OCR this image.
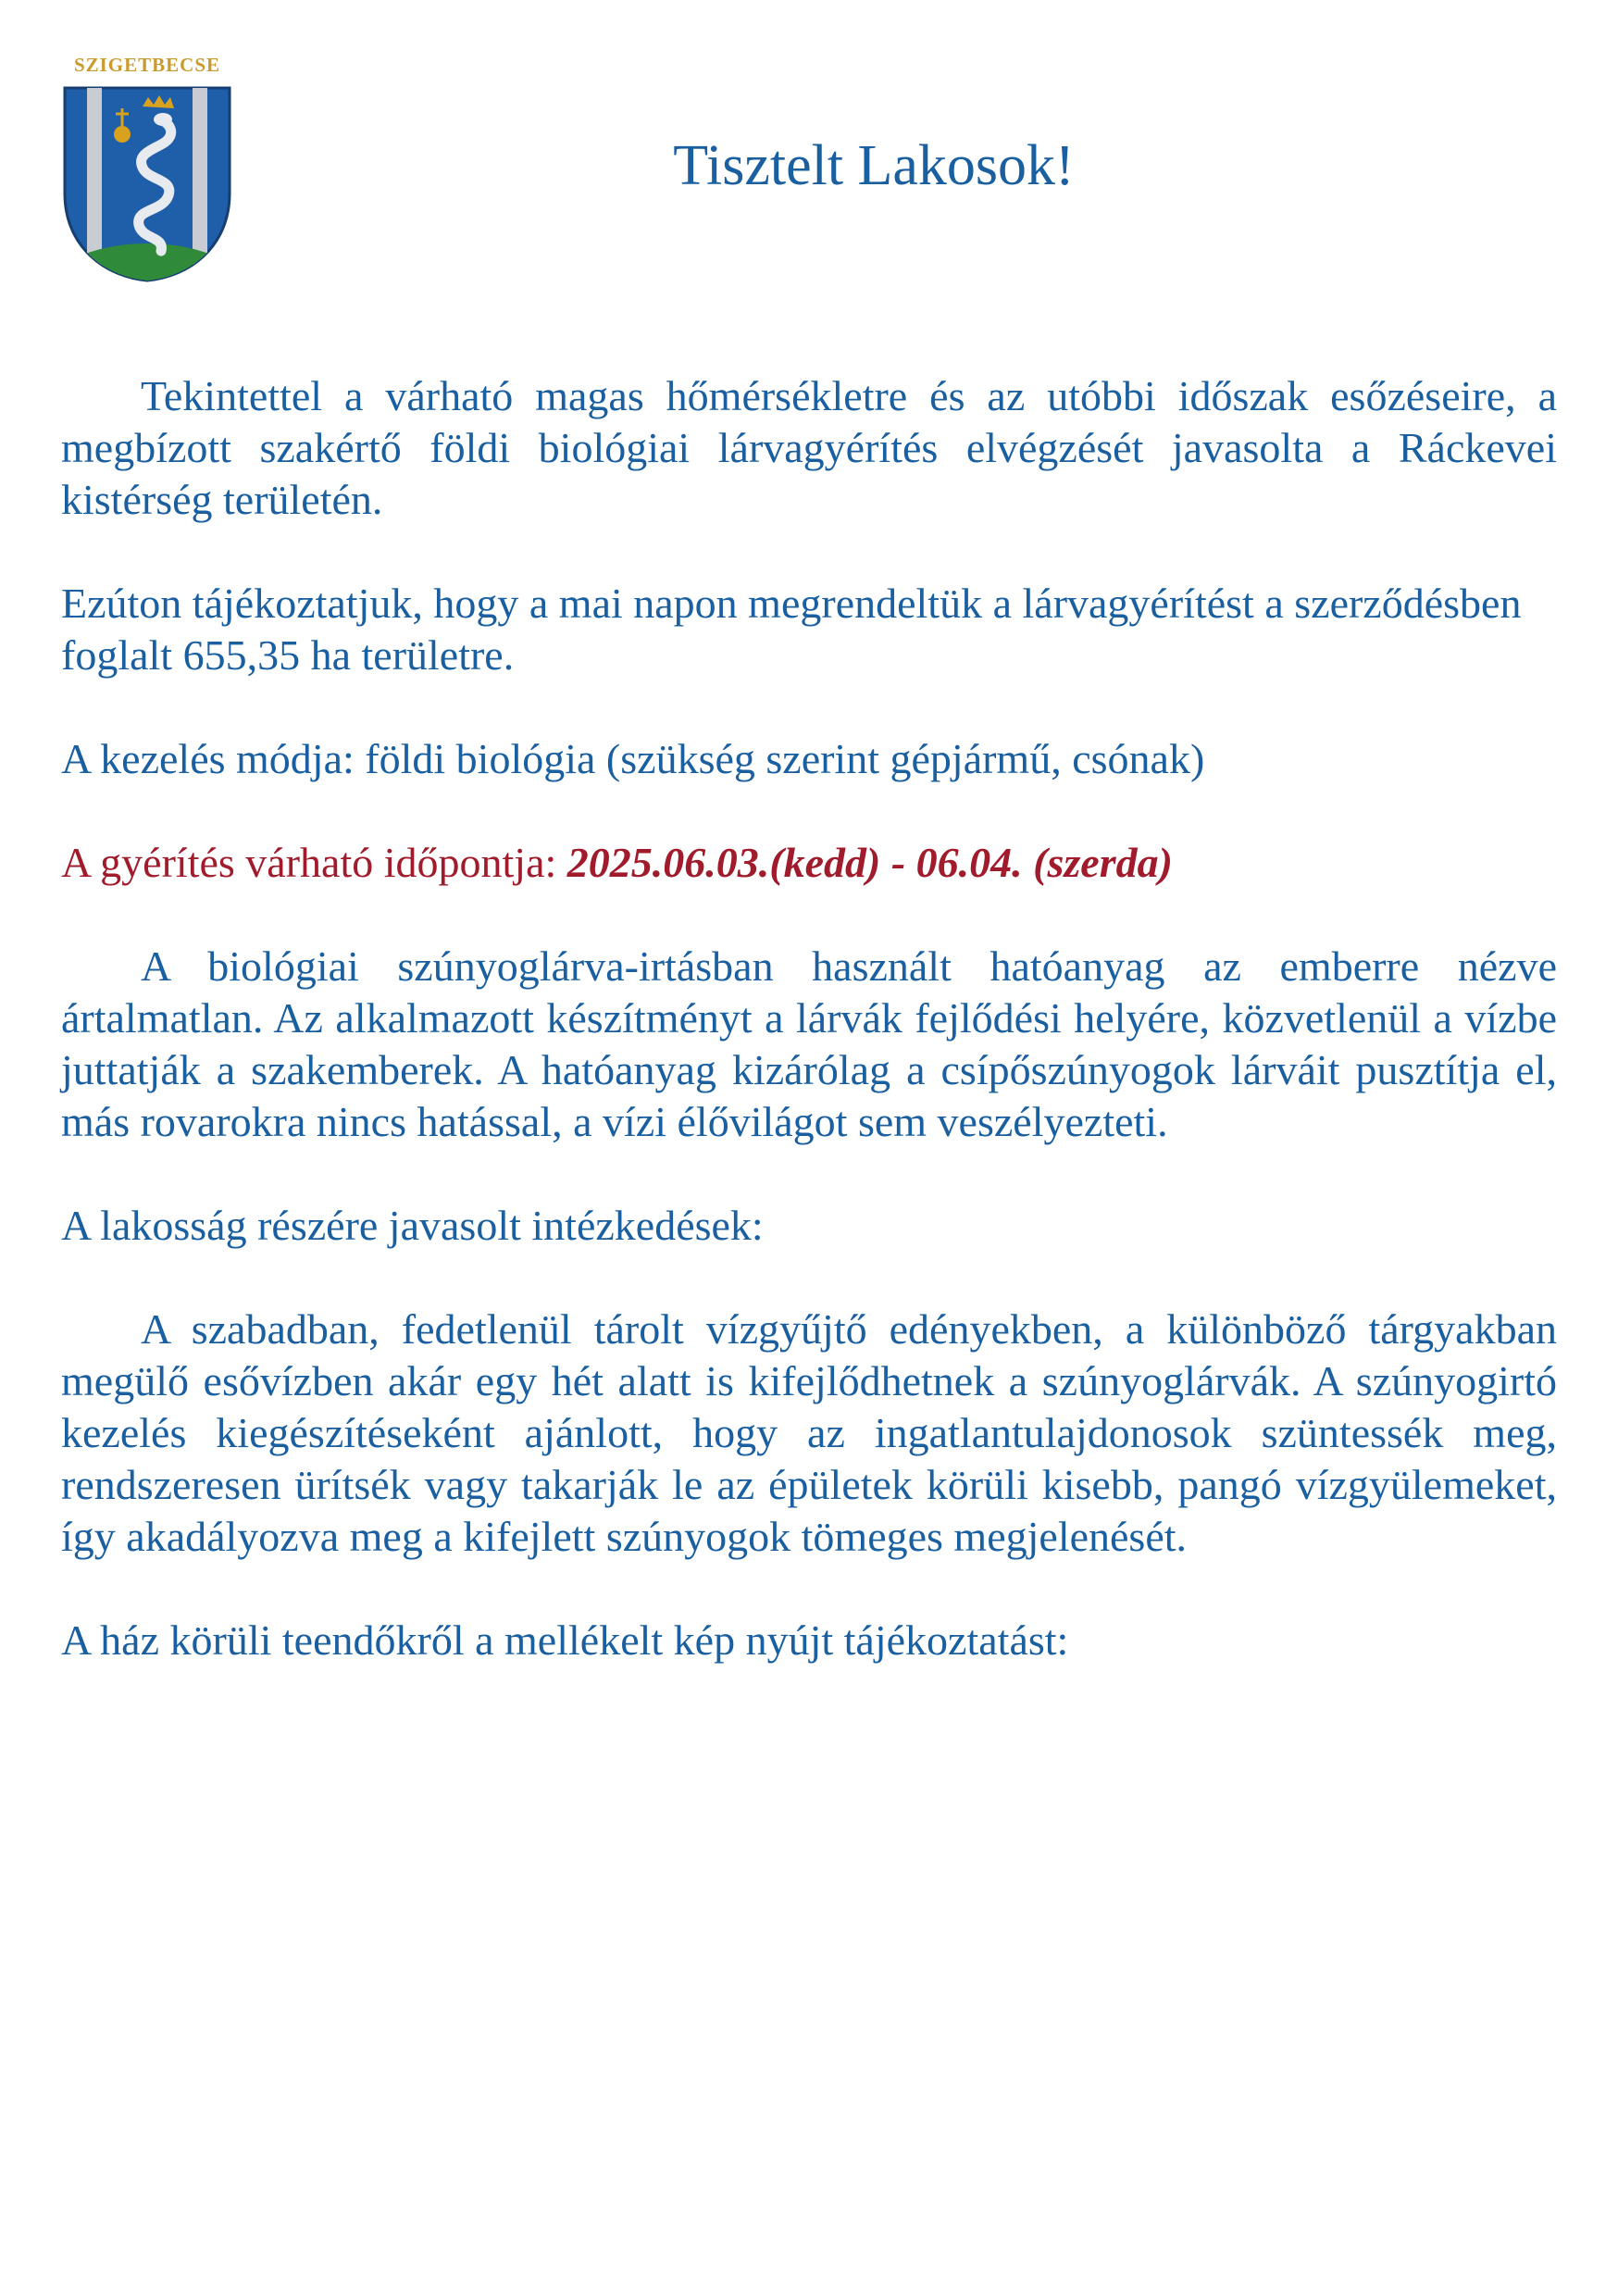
SZIGETBECSE
Tisztelt Lakosok!

Tekintettel a várható magas hőmérsékletre és az utóbbi időszak esőzéseire, a megbízott szakértő földi biológiai lárvagyérítés elvégzését javasolta a Ráckevei kistérség területén.

Ezúton tájékoztatjuk, hogy a mai napon megrendeltük a lárvagyérítést a szerződésben foglalt 655,35 ha területre.

A kezelés módja: földi biológia (szükség szerint gépjármű, csónak)

A gyérítés várható időpontja: 2025.06.03.(kedd) - 06.04. (szerda)

A biológiai szúnyoglárva-irtásban használt hatóanyag az emberre nézve ártalmatlan. Az alkalmazott készítményt a lárvák fejlődési helyére, közvetlenül a vízbe juttatják a szakemberek. A hatóanyag kizárólag a csípőszúnyogok lárváit pusztítja el, más rovarokra nincs hatással, a vízi élővilágot sem veszélyezteti.

A lakosság részére javasolt intézkedések:

A szabadban, fedetlenül tárolt vízgyűjtő edényekben, a különböző tárgyakban megülő esővízben akár egy hét alatt is kifejlődhetnek a szúnyoglárvák. A szúnyogirtó kezelés kiegészítéseként ajánlott, hogy az ingatlantulajdonosok szüntessék meg, rendszeresen ürítsék vagy takarják le az épületek körüli kisebb, pangó vízgyülemeket, így akadályozva meg a kifejlett szúnyogok tömeges megjelenését.

A ház körüli teendőkről a mellékelt kép nyújt tájékoztatást:
